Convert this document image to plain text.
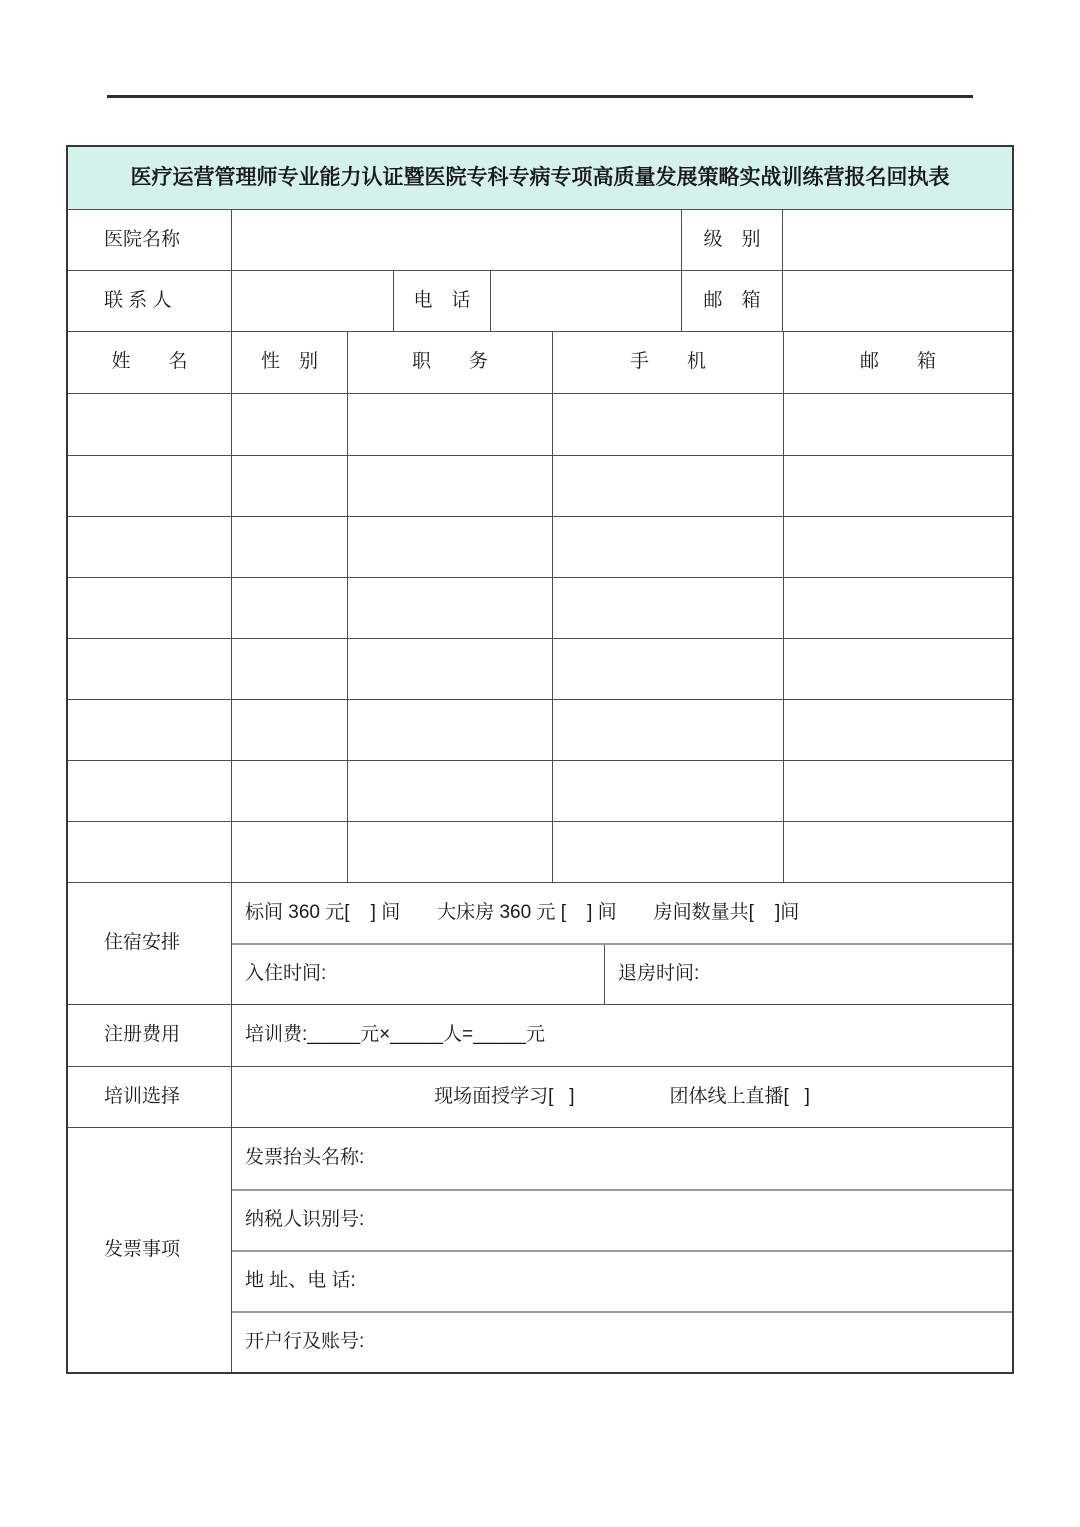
医疗运营管理师专业能力认证暨医院专科专病专项高质量发展策略实战训练营报名回执表
医院名称	级　别
联 系 人	电　话	邮　箱
姓　　名	性　别	职　　务	手　　机	邮　　箱
住宿安排
标间 360 元[    ] 间       大床房 360 元 [    ] 间       房间数量共[    ]间
入住时间:	退房时间:
注册费用	培训费:_____元×_____人=_____元
培训选择	现场面授学习[   ]	团体线上直播[   ]
发票事项
发票抬头名称:
纳税人识别号:
地 址、电 话:
开户行及账号:
